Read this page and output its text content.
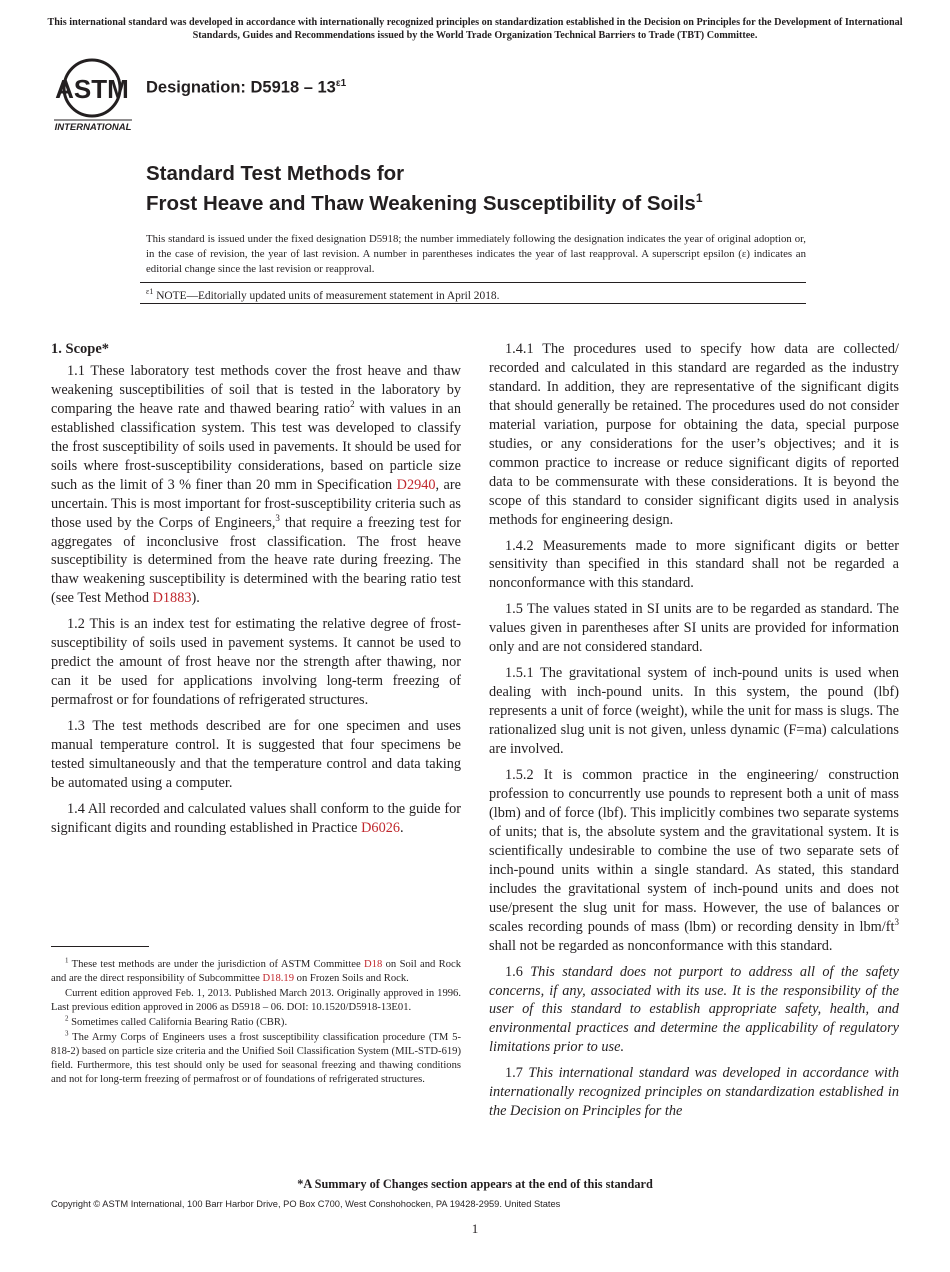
This international standard was developed in accordance with internationally recognized principles on standardization established in the Decision on Principles for the Development of International Standards, Guides and Recommendations issued by the World Trade Organization Technical Barriers to Trade (TBT) Committee.
ASTM
INTERNATIONAL
Designation: $D5918 - 13^{\varepsilon 1}$
Standard Test Methods for
Frost Heave and Thaw Weakening Susceptibility of Soils$^1$
This standard is issued under the fixed designation D5918; the number immediately following the designation indicates the year of original adoption or, in the case of revision, the year of last revision. A number in parentheses indicates the year of last reapproval. A superscript epsilon (ε) indicates an editorial change since the last revision or reapproval.
$^{\varepsilon 1}$ NOTE—Editorially updated units of measurement statement in April 2018.
1. Scope*

1.1 These laboratory test methods cover the frost heave and thaw weakening susceptibilities of soil that is tested in the laboratory by comparing the heave rate and thawed bearing ratio$^2$ with values in an established classification system. This test was developed to classify the frost susceptibility of soils used in pavements. It should be used for soils where frost-susceptibility considerations, based on particle size such as the limit of 3 % finer than 20 mm in Specification D2940, are uncertain. This is most important for frost-susceptibility criteria such as those used by the Corps of Engineers,$^3$ that require a freezing test for aggregates of inconclusive frost classification. The frost heave susceptibility is determined from the heave rate during freezing. The thaw weakening susceptibility is determined with the bearing ratio test (see Test Method D1883).

1.2 This is an index test for estimating the relative degree of frost-susceptibility of soils used in pavement systems. It cannot be used to predict the amount of frost heave nor the strength after thawing, nor can it be used for applications involving long-term freezing of permafrost or for foundations of refrigerated structures.

1.3 The test methods described are for one specimen and uses manual temperature control. It is suggested that four specimens be tested simultaneously and that the temperature control and data taking be automated using a computer.

1.4 All recorded and calculated values shall conform to the guide for significant digits and rounding established in Practice D6026.

$^1$ These test methods are under the jurisdiction of ASTM Committee D18 on Soil and Rock and are the direct responsibility of Subcommittee D18.19 on Frozen Soils and Rock.

Current edition approved Feb. 1, 2013. Published March 2013. Originally approved in 1996. Last previous edition approved in 2006 as D5918 – 06. DOI: 10.1520/D5918-13E01.

$^2$ Sometimes called California Bearing Ratio (CBR).

$^3$ The Army Corps of Engineers uses a frost susceptibility classification procedure (TM 5-818-2) based on particle size criteria and the Unified Soil Classification System (MIL-STD-619) field. Furthermore, this test should only be used for seasonal freezing and thawing conditions and not for long-term freezing of permafrost or of foundations of refrigerated structures.

1.4.1 The procedures used to specify how data are collected/ recorded and calculated in this standard are regarded as the industry standard. In addition, they are representative of the significant digits that should generally be retained. The procedures used do not consider material variation, purpose for obtaining the data, special purpose studies, or any considerations for the user’s objectives; and it is common practice to increase or reduce significant digits of reported data to be commensurate with these considerations. It is beyond the scope of this standard to consider significant digits used in analysis methods for engineering design.

1.4.2 Measurements made to more significant digits or better sensitivity than specified in this standard shall not be regarded a nonconformance with this standard.

1.5 The values stated in SI units are to be regarded as standard. The values given in parentheses after SI units are provided for information only and are not considered standard.

1.5.1 The gravitational system of inch-pound units is used when dealing with inch-pound units. In this system, the pound (lbf) represents a unit of force (weight), while the unit for mass is slugs. The rationalized slug unit is not given, unless dynamic (F=ma) calculations are involved.

1.5.2 It is common practice in the engineering/ construction profession to concurrently use pounds to represent both a unit of mass (lbm) and of force (lbf). This implicitly combines two separate systems of units; that is, the absolute system and the gravitational system. It is scientifically undesirable to combine the use of two separate sets of inch-pound units within a single standard. As stated, this standard includes the gravitational system of inch-pound units and does not use/present the slug unit for mass. However, the use of balances or scales recording pounds of mass (lbm) or recording density in lbm/$ft^3$ shall not be regarded as nonconformance with this standard.

1.6 This standard does not purport to address all of the safety concerns, if any, associated with its use. It is the responsibility of the user of this standard to establish appropriate safety, health, and environmental practices and determine the applicability of regulatory limitations prior to use.

1.7 This international standard was developed in accordance with internationally recognized principles on standardization established in the Decision on Principles for the

*A Summary of Changes section appears at the end of this standard
Copyright © ASTM International, 100 Barr Harbor Drive, PO Box C700, West Conshohocken, PA 19428-2959. United States
1
